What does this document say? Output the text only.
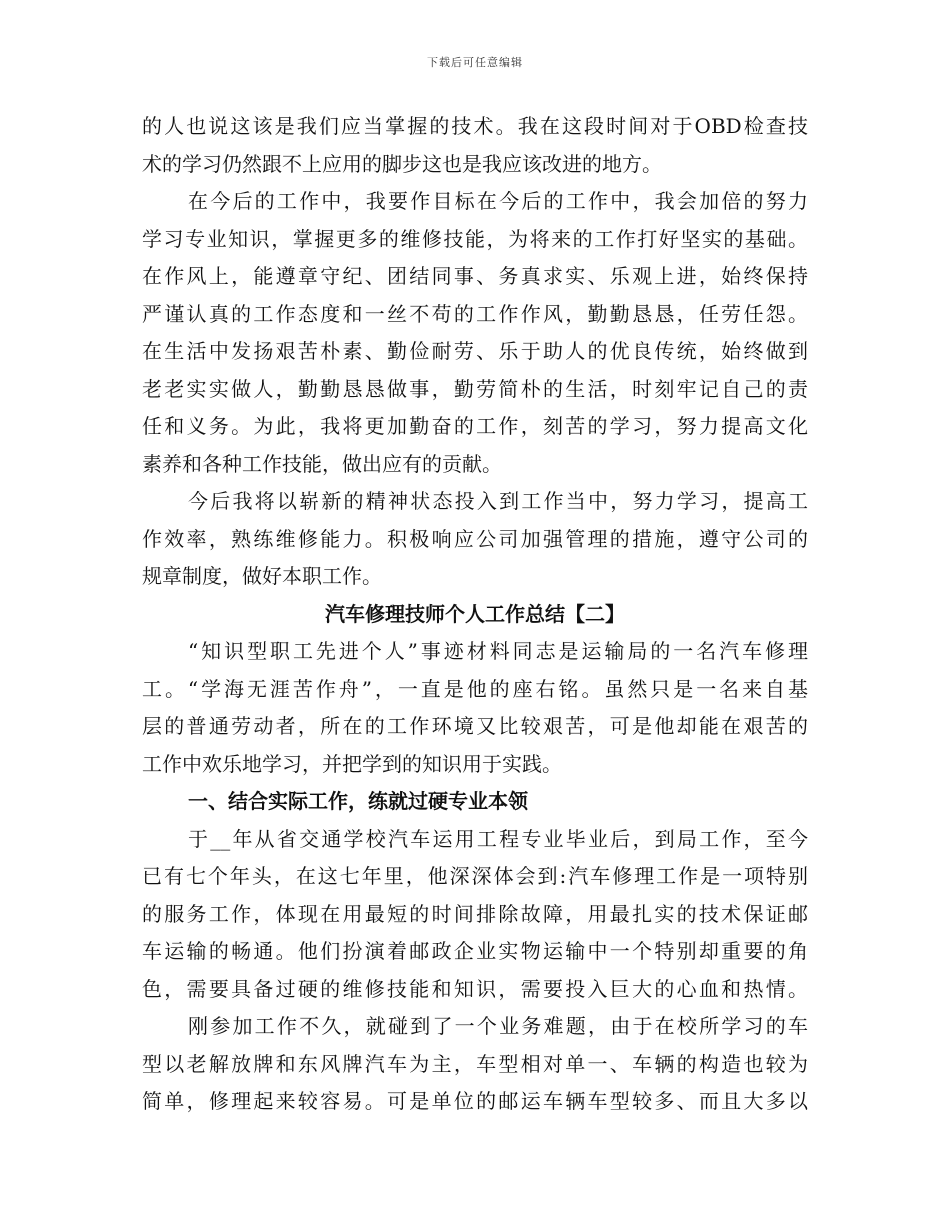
下载后可任意编辑
的人也说这该是我们应当掌握的技术。我在这段时间对于OBD检查技
术的学习仍然跟不上应用的脚步这也是我应该改进的地方。
在今后的工作中，我要作目标在今后的工作中，我会加倍的努力
学习专业知识，掌握更多的维修技能，为将来的工作打好坚实的基础。
在作风上，能遵章守纪、团结同事、务真求实、乐观上进，始终保持
严谨认真的工作态度和一丝不苟的工作作风，勤勤恳恳，任劳任怨。
在生活中发扬艰苦朴素、勤俭耐劳、乐于助人的优良传统，始终做到
老老实实做人，勤勤恳恳做事，勤劳简朴的生活，时刻牢记自己的责
任和义务。为此，我将更加勤奋的工作，刻苦的学习，努力提高文化
素养和各种工作技能，做出应有的贡献。
今后我将以崭新的精神状态投入到工作当中，努力学习，提高工
作效率，熟练维修能力。积极响应公司加强管理的措施，遵守公司的
规章制度，做好本职工作。
汽车修理技师个人工作总结【二】
“知识型职工先进个人”事迹材料同志是运输局的一名汽车修理
工。“学海无涯苦作舟”，一直是他的座右铭。虽然只是一名来自基
层的普通劳动者，所在的工作环境又比较艰苦，可是他却能在艰苦的
工作中欢乐地学习，并把学到的知识用于实践。
一、结合实际工作，练就过硬专业本领
于__年从省交通学校汽车运用工程专业毕业后，到局工作，至今
已有七个年头，在这七年里，他深深体会到:汽车修理工作是一项特别
的服务工作，体现在用最短的时间排除故障，用最扎实的技术保证邮
车运输的畅通。他们扮演着邮政企业实物运输中一个特别却重要的角
色，需要具备过硬的维修技能和知识，需要投入巨大的心血和热情。
刚参加工作不久，就碰到了一个业务难题，由于在校所学习的车
型以老解放牌和东风牌汽车为主，车型相对单一、车辆的构造也较为
简单，修理起来较容易。可是单位的邮运车辆车型较多、而且大多以
